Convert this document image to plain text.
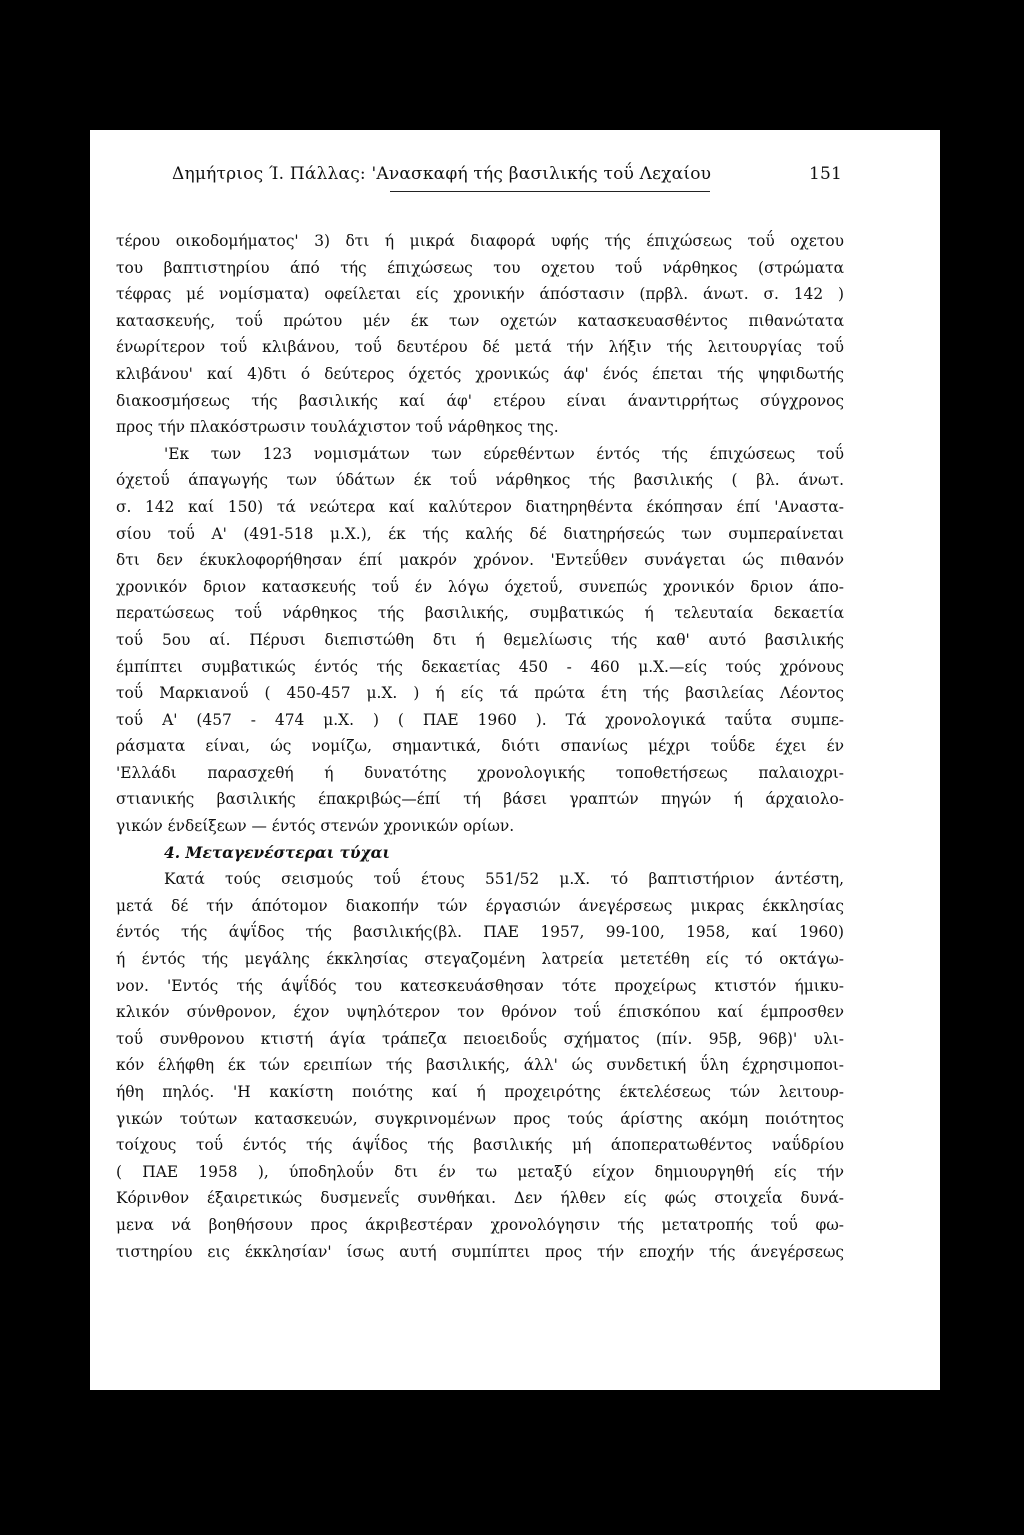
Δημήτριος Ί. Πάλλας: 'Ανασκαφή τής βασιλικής τοΰ Λεχαίου	151
τέρου οικοδομήματος' 3) δτι ή μικρά διαφορά υφής τής έπιχώσεως τοΰ οχετου
του βαπτιστηρίου άπό τής έπιχώσεως του οχετου τοΰ νάρθηκος (στρώματα
τέφρας μέ νομίσματα) οφείλεται είς χρονικήν άπόστασιν (πρβλ. άνωτ. σ. 142 )
κατασκευής, τοΰ πρώτου μέν έκ των οχετών κατασκευασθέντος πιθανώτατα
ένωρίτερον τοΰ κλιβάνου, τοΰ δευτέρου δέ μετά τήν λήξιν τής λειτουργίας τοΰ
κλιβάνου' καί 4)δτι ό δεύτερος όχετός χρονικώς άφ' ένός έπεται τής ψηφιδωτής
διακοσμήσεως τής βασιλικής καί άφ' ετέρου είναι άναντιρρήτως σύγχρονος
προς τήν πλακόστρωσιν τουλάχιστον τοΰ νάρθηκος της.
'Εκ των 123 νομισμάτων των εύρεθέντων έντός τής έπιχώσεως τοΰ
όχετοΰ άπαγωγής των ύδάτων έκ τοΰ νάρθηκος τής βασιλικής ( βλ. άνωτ.
σ. 142 καί 150) τά νεώτερα καί καλύτερον διατηρηθέντα έκόπησαν έπί 'Αναστα-
σίου τοΰ Α' (491-518 μ.Χ.), έκ τής καλής δέ διατηρήσεώς των συμπεραίνεται
δτι δεν έκυκλοφορήθησαν έπί μακρόν χρόνον. 'Εντεΰθεν συνάγεται ώς πιθανόν
χρονικόν δριον κατασκευής τοΰ έν λόγω όχετοΰ, συνεπώς χρονικόν δριον άπο-
περατώσεως τοΰ νάρθηκος τής βασιλικής, συμβατικώς ή τελευταία δεκαετία
τοΰ 5ου αί. Πέρυσι διεπιστώθη δτι ή θεμελίωσις τής καθ' αυτό βασιλικής
έμπίπτει συμβατικώς έντός τής δεκαετίας 450 - 460 μ.Χ.—είς τούς χρόνους
τοΰ Μαρκιανοΰ ( 450-457 μ.Χ. ) ή είς τά πρώτα έτη τής βασιλείας Λέοντος
τοΰ Α' (457 - 474 μ.Χ. ) ( ΠΑΕ 1960 ). Τά χρονολογικά ταΰτα συμπε-
ράσματα είναι, ώς νομίζω, σημαντικά, διότι σπανίως μέχρι τοΰδε έχει έν
'Ελλάδι παρασχεθή ή δυνατότης χρονολογικής τοποθετήσεως παλαιοχρι-
στιανικής βασιλικής έπακριβώς—έπί τή βάσει γραπτών πηγών ή άρχαιολο-
γικών ένδείξεων — έντός στενών χρονικών ορίων.
4. Μεταγενέστεραι τύχαι
Κατά τούς σεισμούς τοΰ έτους 551/52 μ.Χ. τό βαπτιστήριον άντέστη,
μετά δέ τήν άπότομον διακοπήν τών έργασιών άνεγέρσεως μικρας έκκλησίας
έντός τής άψΐδος τής βασιλικής(βλ. ΠΑΕ 1957, 99-100, 1958, καί 1960)
ή έντός τής μεγάλης έκκλησίας στεγαζομένη λατρεία μετετέθη είς τό οκτάγω-
νον. 'Εντός τής άψΐδός του κατεσκευάσθησαν τότε προχείρως κτιστόν ήμικυ-
κλικόν σύνθρονον, έχον υψηλότερον τον θρόνον τοΰ έπισκόπου καί έμπροσθεν
τοΰ συνθρονου κτιστή άγία τράπεζα πειοειδοΰς σχήματος (πίν. 95β, 96β)' υλι-
κόν έλήφθη έκ τών ερειπίων τής βασιλικής, άλλ' ώς συνδετική ΰλη έχρησιμοποι-
ήθη πηλός. 'Η κακίστη ποιότης καί ή προχειρότης έκτελέσεως τών λειτουρ-
γικών τούτων κατασκευών, συγκρινομένων προς τούς άρίστης ακόμη ποιότητος
τοίχους τοΰ έντός τής άψΐδος τής βασιλικής μή άποπερατωθέντος ναΰδρίου
( ΠΑΕ 1958 ), ύποδηλοΰν δτι έν τω μεταξύ είχον δημιουργηθή είς τήν
Κόρινθον έξαιρετικώς δυσμενεΐς συνθήκαι. Δεν ήλθεν είς φώς στοιχεΐα δυνά-
μενα νά βοηθήσουν προς άκριβεστέραν χρονολόγησιν τής μετατροπής τοΰ φω-
τιστηρίου εις έκκλησίαν' ίσως αυτή συμπίπτει προς τήν εποχήν τής άνεγέρσεως
